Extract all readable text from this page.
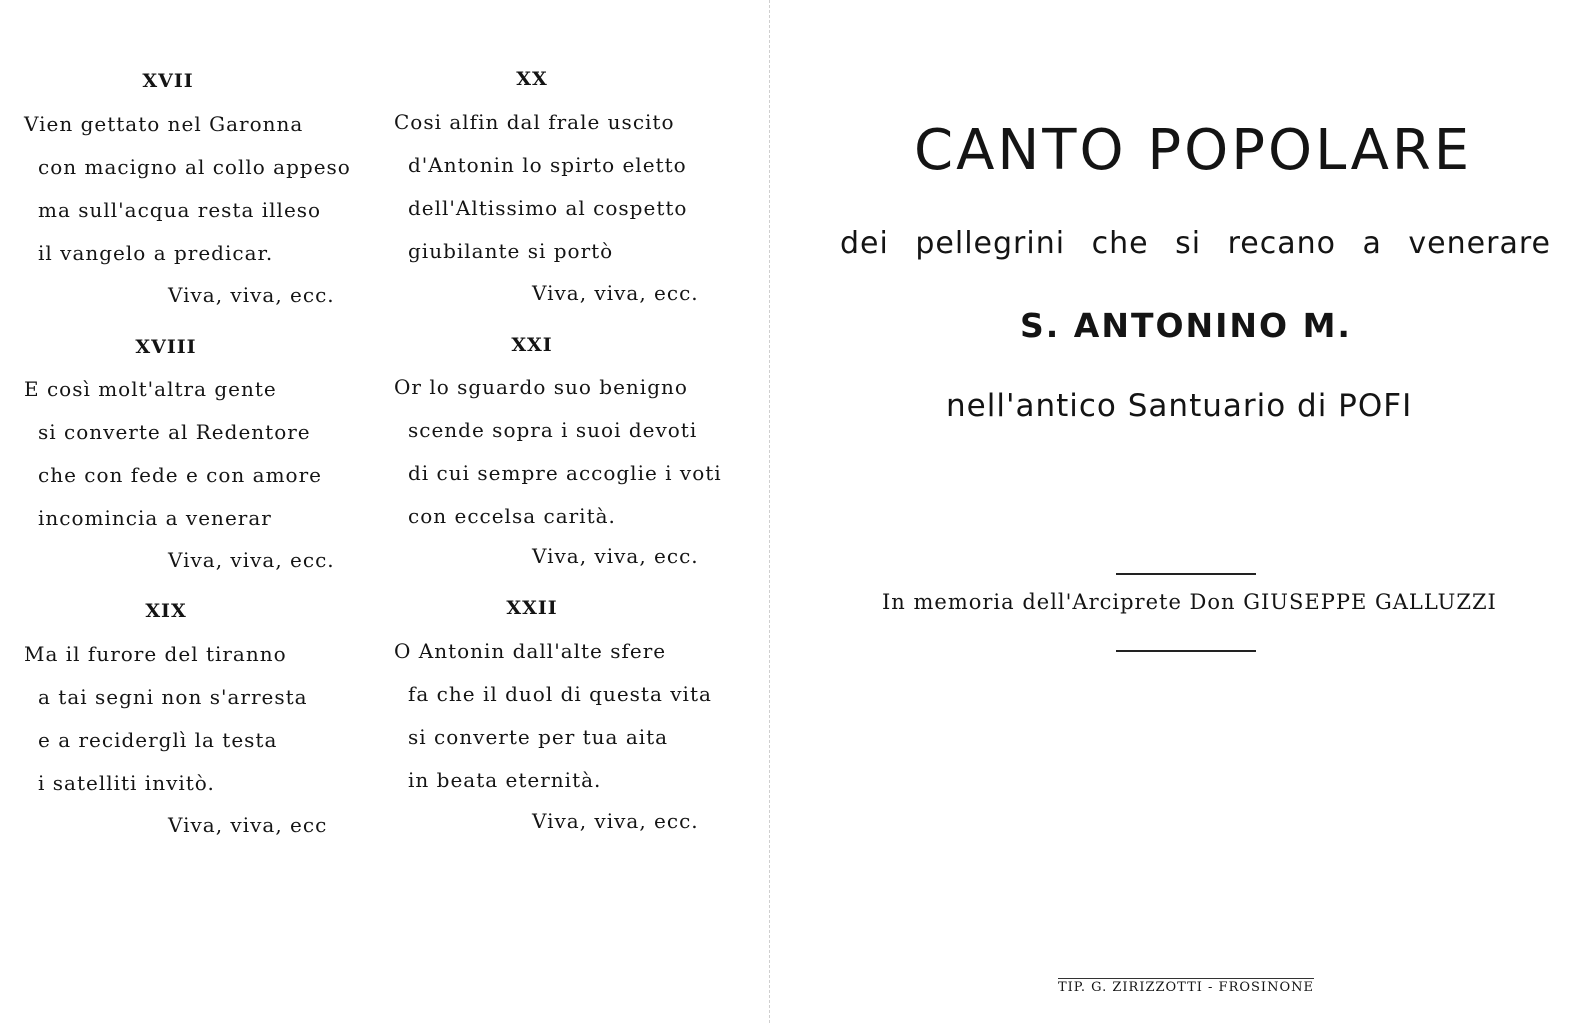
XVII
Vien gettato nel Garonna
con macigno al collo appeso
ma sull'acqua resta illeso
il vangelo a predicar.
Viva, viva, ecc.
XX
Cosi alfin dal frale uscito
d'Antonin lo spirto eletto
dell'Altissimo al cospetto
giubilante si portò
Viva, viva, ecc.
XVIII
E così molt'altra gente
si converte al Redentore
che con fede e con amore
incomincia a venerar
Viva, viva, ecc.
XXI
Or lo sguardo suo benigno
scende sopra i suoi devoti
di cui sempre accoglie i voti
con eccelsa carità.
Viva, viva, ecc.
XIX
Ma il furore del tiranno
a tai segni non s'arresta
e a reciderglì la testa
i satelliti invitò.
Viva, viva, ecc
XXII
O Antonin dall'alte sfere
fa che il duol di questa vita
si converte per tua aita
in beata eternità.
Viva, viva, ecc.
CANTO POPOLARE
dei pellegrini che si recano a venerare
S. ANTONINO M.
nell'antico Santuario di POFI
In memoria dell'Arciprete Don GIUSEPPE GALLUZZI
TIP. G. ZIRIZZOTTI - FROSINONE
